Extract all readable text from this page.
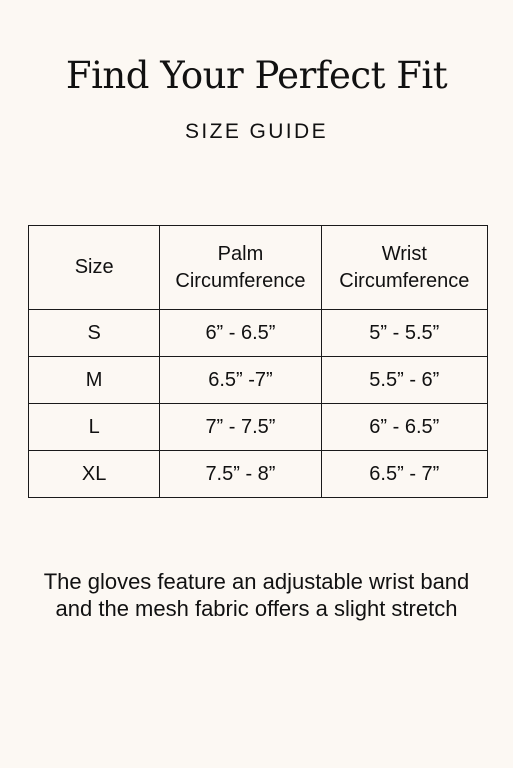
Find Your Perfect Fit
SIZE GUIDE
Size	Palm Circumference	Wrist Circumference
S	6” - 6.5”	5” - 5.5”
M	6.5” -7”	5.5” - 6”
L	7” - 7.5”	6” - 6.5”
XL	7.5” - 8”	6.5” - 7”
The gloves feature an adjustable wrist band and the mesh fabric offers a slight stretch
